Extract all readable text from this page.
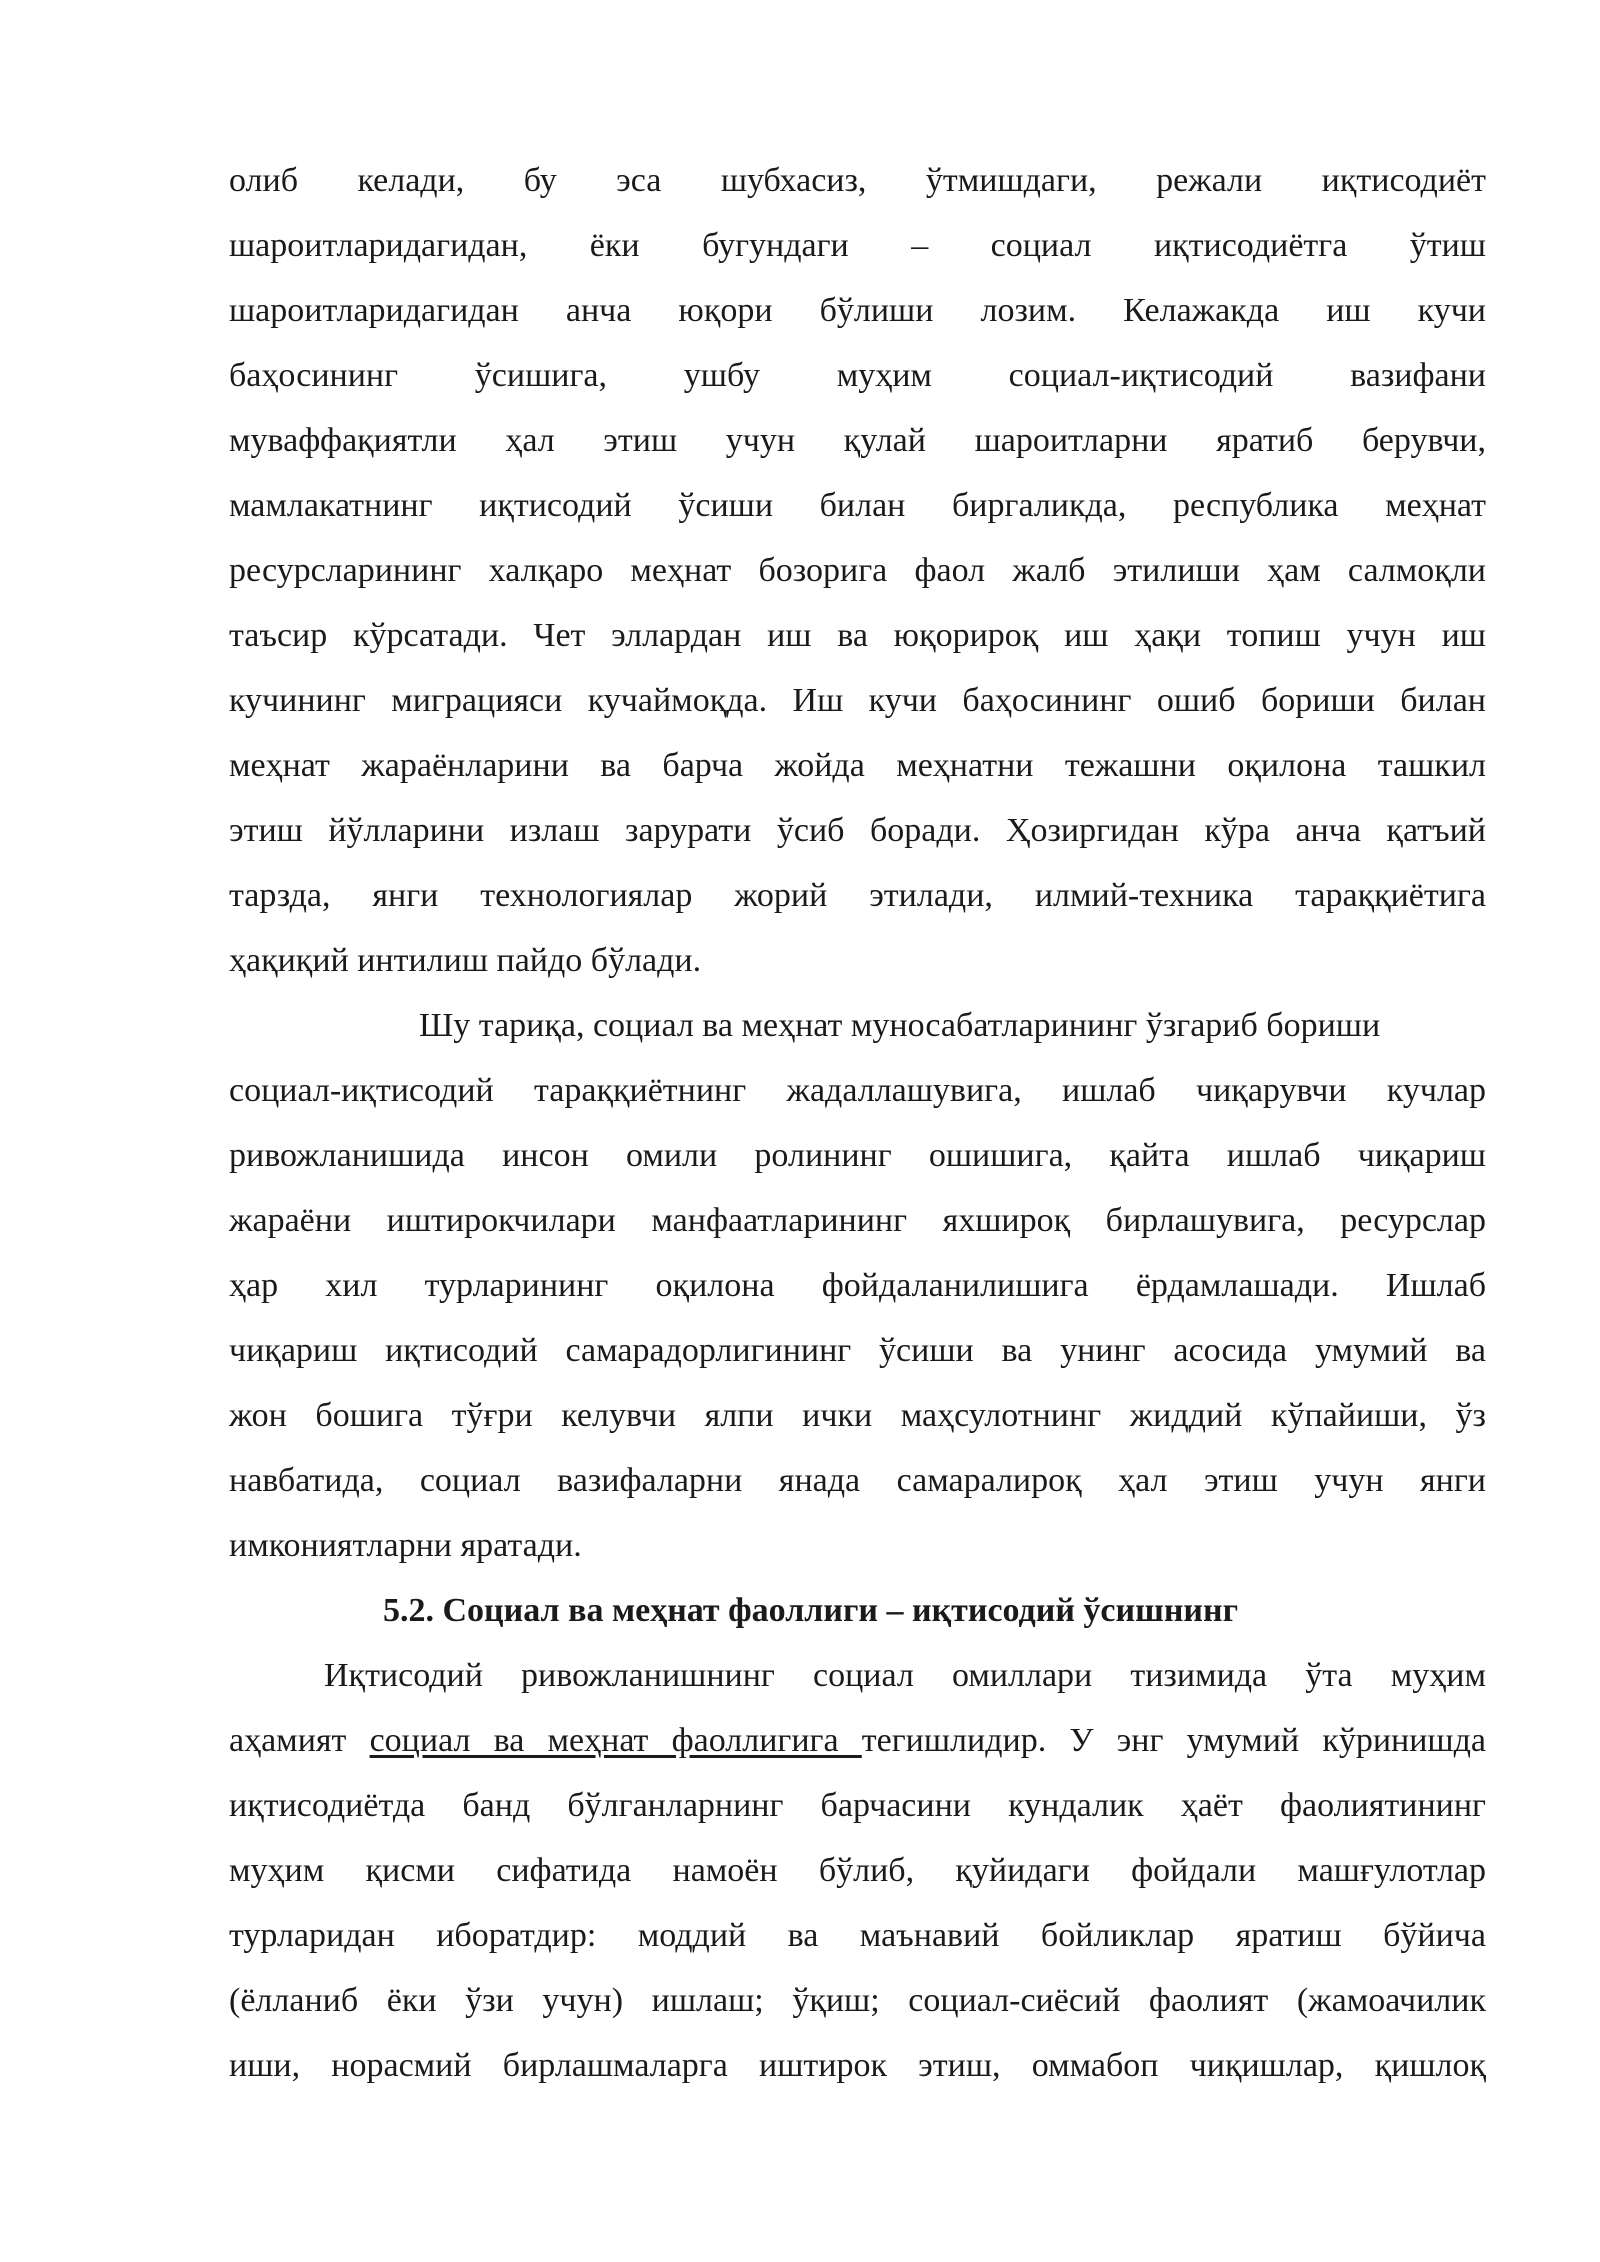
олиб келади, бу эса шубхасиз, ўтмишдаги, режали иқтисодиёт
шароитларидагидан, ёки бугундаги – социал иқтисодиётга ўтиш
шароитларидагидан анча юқори бўлиши лозим. Келажакда иш кучи
баҳосининг ўсишига, ушбу муҳим социал-иқтисодий вазифани
муваффақиятли ҳал этиш учун қулай шароитларни яратиб берувчи,
мамлакатнинг иқтисодий ўсиши билан биргаликда, республика меҳнат
ресурсларининг халқаро меҳнат бозорига фаол жалб этилиши ҳам салмоқли
таъсир кўрсатади. Чет эллардан иш ва юқорироқ иш ҳақи топиш учун иш
кучининг миграцияси кучаймоқда. Иш кучи баҳосининг ошиб бориши билан
меҳнат жараёнларини ва барча жойда меҳнатни тежашни оқилона ташкил
этиш йўлларини излаш зарурати ўсиб боради. Ҳозиргидан кўра анча қатъий
тарзда, янги технологиялар жорий этилади, илмий-техника тараққиётига
ҳақиқий интилиш пайдо бўлади.
Шу тариқа, социал ва меҳнат муносабатларининг ўзгариб бориши
социал-иқтисодий тараққиётнинг жадаллашувига, ишлаб чиқарувчи кучлар
ривожланишида инсон омили ролининг ошишига, қайта ишлаб чиқариш
жараёни иштирокчилари манфаатларининг яхшироқ бирлашувига, ресурслар
ҳар хил турларининг оқилона фойдаланилишига ёрдамлашади. Ишлаб
чиқариш иқтисодий самарадорлигининг ўсиши ва унинг асосида умумий ва
жон бошига тўғри келувчи ялпи ички маҳсулотнинг жиддий кўпайиши, ўз
навбатида, социал вазифаларни янада самаралироқ ҳал этиш учун янги
имкониятларни яратади.
5.2. Социал ва меҳнат фаоллиги – иқтисодий ўсишнинг
Иқтисодий ривожланишнинг социал омиллари тизимида ўта муҳим
аҳамият социал ва меҳнат фаоллигига тегишлидир. У энг умумий кўринишда
иқтисодиётда банд бўлганларнинг барчасини кундалик ҳаёт фаолиятининг
муҳим қисми сифатида намоён бўлиб, қуйидаги фойдали машғулотлар
турларидан иборатдир: моддий ва маънавий бойликлар яратиш бўйича
(ёлланиб ёки ўзи учун) ишлаш; ўқиш; социал-сиёсий фаолият (жамоачилик
иши, норасмий бирлашмаларга иштирок этиш, оммабоп чиқишлар, қишлоқ
